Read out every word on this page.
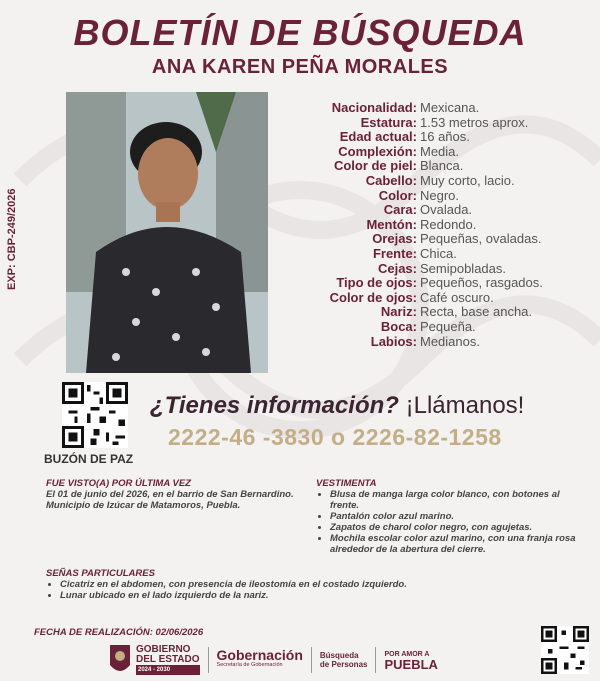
BOLETÍN DE BÚSQUEDA
ANA KAREN PEÑA MORALES
EXP: CBP-249/2026
Nacionalidad: Mexicana.
Estatura: 1.53 metros aprox.
Edad actual: 16 años.
Complexión: Media.
Color de piel: Blanca.
Cabello: Muy corto, lacio.
Color: Negro.
Cara: Ovalada.
Mentón: Redondo.
Orejas: Pequeñas, ovaladas.
Frente: Chica.
Cejas: Semipobladas.
Tipo de ojos: Pequeños, rasgados.
Color de ojos: Café oscuro.
Nariz: Recta, base ancha.
Boca: Pequeña.
Labios: Medianos.
BUZÓN DE PAZ
¿Tienes información? ¡Llámanos!
2222-46 -3830 o 2226-82-1258
FUE VISTO(A) POR ÚLTIMA VEZ
El 01 de junio del 2026, en el barrio de San Bernardino. Municipio de Izúcar de Matamoros, Puebla.
VESTIMENTA
• Blusa de manga larga color blanco, con botones al frente.
• Pantalón color azul marino.
• Zapatos de charol color negro, con agujetas.
• Mochila escolar color azul marino, con una franja rosa alrededor de la abertura del cierre.
SEÑAS PARTICULARES
• Cicatriz en el abdomen, con presencia de ileostomía en el costado izquierdo.
• Lunar ubicado en el lado izquierdo de la nariz.
FECHA DE REALIZACIÓN: 02/06/2026
GOBIERNO
DEL ESTADO
2024 - 2030
Gobernación
Secretaría de Gobernación
Búsqueda
de Personas
POR AMOR A
PUEBLA
